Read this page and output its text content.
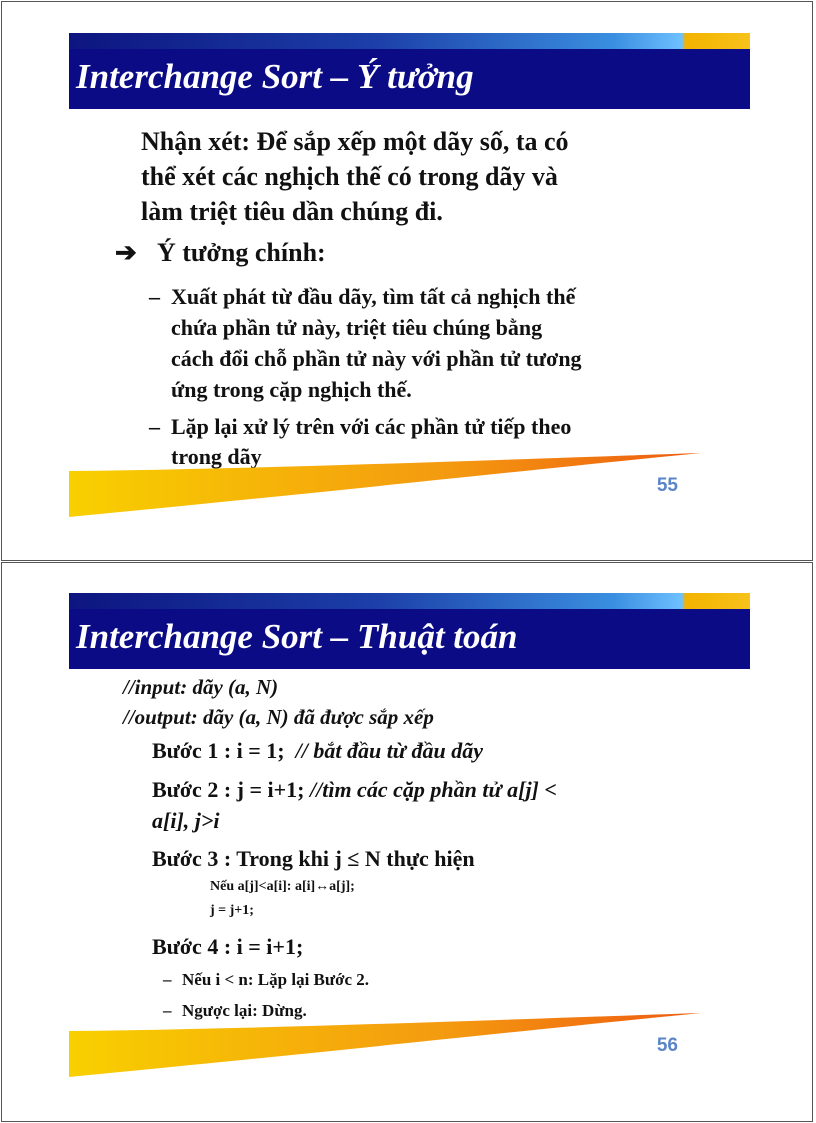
Interchange Sort – Ý tưởng
Nhận xét: Để sắp xếp một dãy số, ta có
thể xét các nghịch thế có trong dãy và
làm triệt tiêu dần chúng đi.
➔ Ý tưởng chính:
– Xuất phát từ đầu dãy, tìm tất cả nghịch thế
chứa phần tử này, triệt tiêu chúng bằng
cách đổi chỗ phần tử này với phần tử tương
ứng trong cặp nghịch thế.
– Lặp lại xử lý trên với các phần tử tiếp theo
trong dãy
55
Interchange Sort – Thuật toán
//input: dãy (a, N)
//output: dãy (a, N) đã được sắp xếp
Bước 1 : i = 1; // bắt đầu từ đầu dãy
Bước 2 : j = i+1; //tìm các cặp phần tử a[j] <
a[i], j>i
Bước 3 : Trong khi j ≤ N thực hiện
Nếu a[j]<a[i]: a[i]↔a[j];
j = j+1;
Bước 4 : i = i+1;
– Nếu i < n: Lặp lại Bước 2.
– Ngược lại: Dừng.
56
